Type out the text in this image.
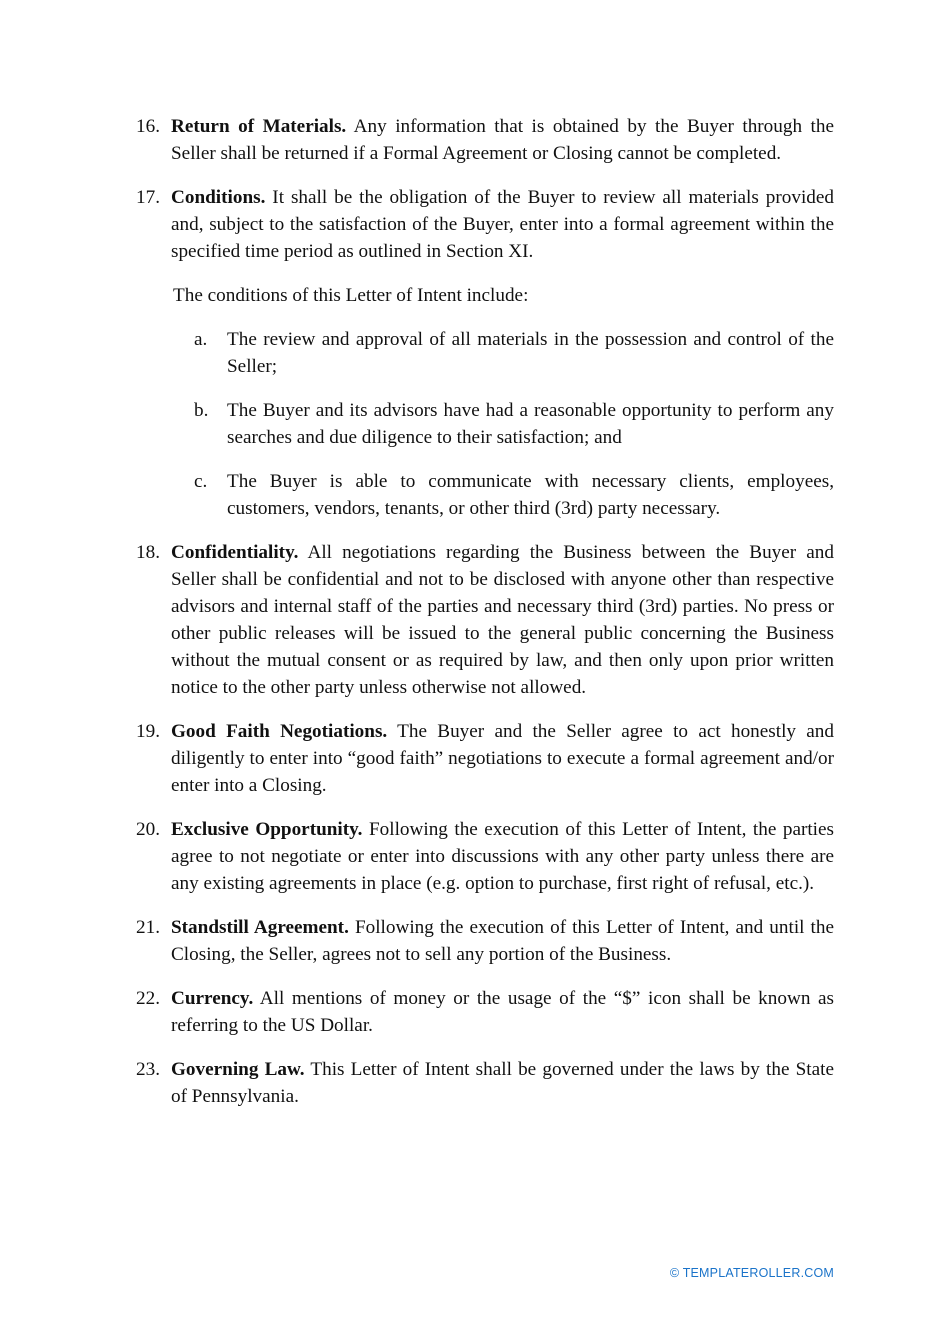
16. Return of Materials. Any information that is obtained by the Buyer through the Seller shall be returned if a Formal Agreement or Closing cannot be completed.

17. Conditions. It shall be the obligation of the Buyer to review all materials provided and, subject to the satisfaction of the Buyer, enter into a formal agreement within the specified time period as outlined in Section XI.

The conditions of this Letter of Intent include:

a. The review and approval of all materials in the possession and control of the Seller;
b. The Buyer and its advisors have had a reasonable opportunity to perform any searches and due diligence to their satisfaction; and
c. The Buyer is able to communicate with necessary clients, employees, customers, vendors, tenants, or other third (3rd) party necessary.
18. Confidentiality. All negotiations regarding the Business between the Buyer and Seller shall be confidential and not to be disclosed with anyone other than respective advisors and internal staff of the parties and necessary third (3rd) parties. No press or other public releases will be issued to the general public concerning the Business without the mutual consent or as required by law, and then only upon prior written notice to the other party unless otherwise not allowed.

19. Good Faith Negotiations. The Buyer and the Seller agree to act honestly and diligently to enter into “good faith” negotiations to execute a formal agreement and/or enter into a Closing.

20. Exclusive Opportunity. Following the execution of this Letter of Intent, the parties agree to not negotiate or enter into discussions with any other party unless there are any existing agreements in place (e.g. option to purchase, first right of refusal, etc.).

21. Standstill Agreement. Following the execution of this Letter of Intent, and until the Closing, the Seller, agrees not to sell any portion of the Business.

22. Currency. All mentions of money or the usage of the “$” icon shall be known as referring to the US Dollar.

23. Governing Law. This Letter of Intent shall be governed under the laws by the State of Pennsylvania.

© TEMPLATEROLLER.COM
